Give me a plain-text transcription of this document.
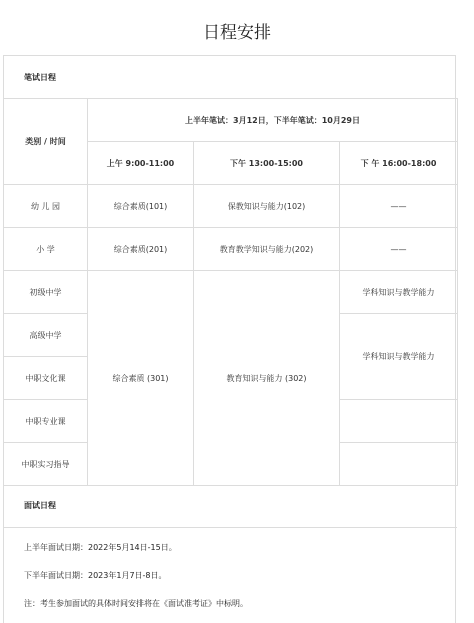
日程安排
笔试日程
类别 / 时间	上半年笔试：3月12日，下半年笔试：10月29日		
	上午 9:00-11:00	下午 13:00-15:00	下 午 16:00-18:00
幼 儿 园	综合素质(101)	保教知识与能力(102)	——
小 学	综合素质(201)	教育教学知识与能力(202)	——
初级中学	综合素质 (301)	教育知识与能力 (302)	学科知识与教学能力
高级中学			学科知识与教学能力
中职文化课			
中职专业课			
中职实习指导			
面试日程
上半年面试日期：2022年5月14日-15日。
下半年面试日期：2023年1月7日-8日。
注：考生参加面试的具体时间安排将在《面试准考证》中标明。
